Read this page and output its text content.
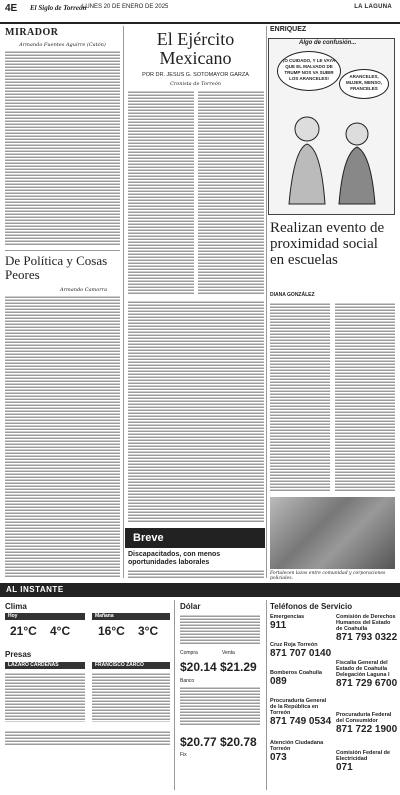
4E El Siglo de Torreón
LUNES 20 DE ENERO DE 2025	LA LAGUNA
MIRADOR
Armando Fuentes Aguirre (Catón)
De Política y Cosas Peores
Armando Camorra
El Ejército Mexicano
POR DR. JESUS G. SOTOMAYOR GARZA
Cronista de Torreón
ENRIQUEZ
Algo de confusión...
¡O CUIDADO, Y LE VAYA QUE EL MALVADO DE TRUMP NOS VA SUBIR LOS ARANCELES!	ARANCELES, MUJER, MENSO, FRANCELES
Realizan evento de proximidad social en escuelas
DIANA GONZÁLEZ
Fortalecen lazos entre comunidad y corporaciones policiales.
Breve
Discapacitados, con menos oportunidades laborales
AL INSTANTE
Clima
Hoy	Mañana
21°C 4°C 16°C 3°C
Presas
LÁZARO CÁRDENAS	FRANCISCO ZARCO
Dólar
Compra	Venta
$20.14 $21.29
Banco
$20.77 $20.78
Fix
Teléfonos de Servicio
Emergencias
911
Cruz Roja Torreón
871 707 0140
Bomberos Coahuila
089
Procuraduría General de la República en Torreón
871 749 0534
Atención Ciudadana Torreón
073
Comisión de Derechos Humanos del Estado de Coahuila
871 793 0322
Fiscalía General del Estado de Coahuila Delegación Laguna I
871 729 6700
Procuraduría Federal del Consumidor
871 722 1900
Comisión Federal de Electricidad
071
